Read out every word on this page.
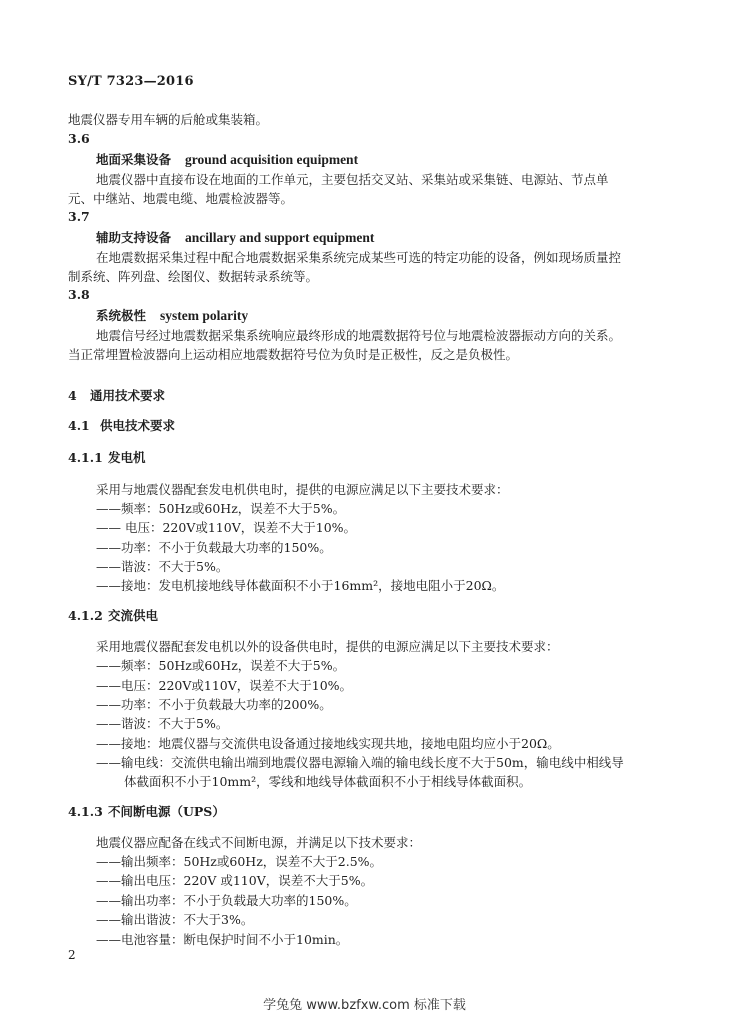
SY/T 7323—2016
地震仪器专用车辆的后舱或集装箱。
3.6
地面采集设备 ground acquisition equipment
地震仪器中直接布设在地面的工作单元，主要包括交叉站、采集站或采集链、电源站、节点单
元、中继站、地震电缆、地震检波器等。
3.7
辅助支持设备 ancillary and support equipment
在地震数据采集过程中配合地震数据采集系统完成某些可选的特定功能的设备，例如现场质量控
制系统、阵列盘、绘图仪、数据转录系统等。
3.8
系统极性 system polarity
地震信号经过地震数据采集系统响应最终形成的地震数据符号位与地震检波器振动方向的关系。
当正常埋置检波器向上运动相应地震数据符号位为负时是正极性，反之是负极性。
4 通用技术要求
4.1 供电技术要求
4.1.1 发电机
采用与地震仪器配套发电机供电时，提供的电源应满足以下主要技术要求：
——频率：50Hz或60Hz，误差不大于5%。
—— 电压：220V或110V，误差不大于10%。
——功率：不小于负载最大功率的150%。
——谐波：不大于5%。
——接地：发电机接地线导体截面积不小于16mm²，接地电阻小于20Ω。
4.1.2 交流供电
采用地震仪器配套发电机以外的设备供电时，提供的电源应满足以下主要技术要求：
——频率：50Hz或60Hz，误差不大于5%。
——电压：220V或110V，误差不大于10%。
——功率：不小于负载最大功率的200%。
——谐波：不大于5%。
——接地：地震仪器与交流供电设备通过接地线实现共地，接地电阻均应小于20Ω。
——输电线：交流供电输出端到地震仪器电源输入端的输电线长度不大于50m，输电线中相线导
体截面积不小于10mm²，零线和地线导体截面积不小于相线导体截面积。
4.1.3 不间断电源（UPS）
地震仪器应配备在线式不间断电源，并满足以下技术要求：
——输出频率：50Hz或60Hz，误差不大于2.5%。
——输出电压：220V 或110V，误差不大于5%。
——输出功率：不小于负载最大功率的150%。
——输出谐波：不大于3%。
——电池容量：断电保护时间不小于10min。
2
学兔兔 www.bzfxw.com 标准下载
